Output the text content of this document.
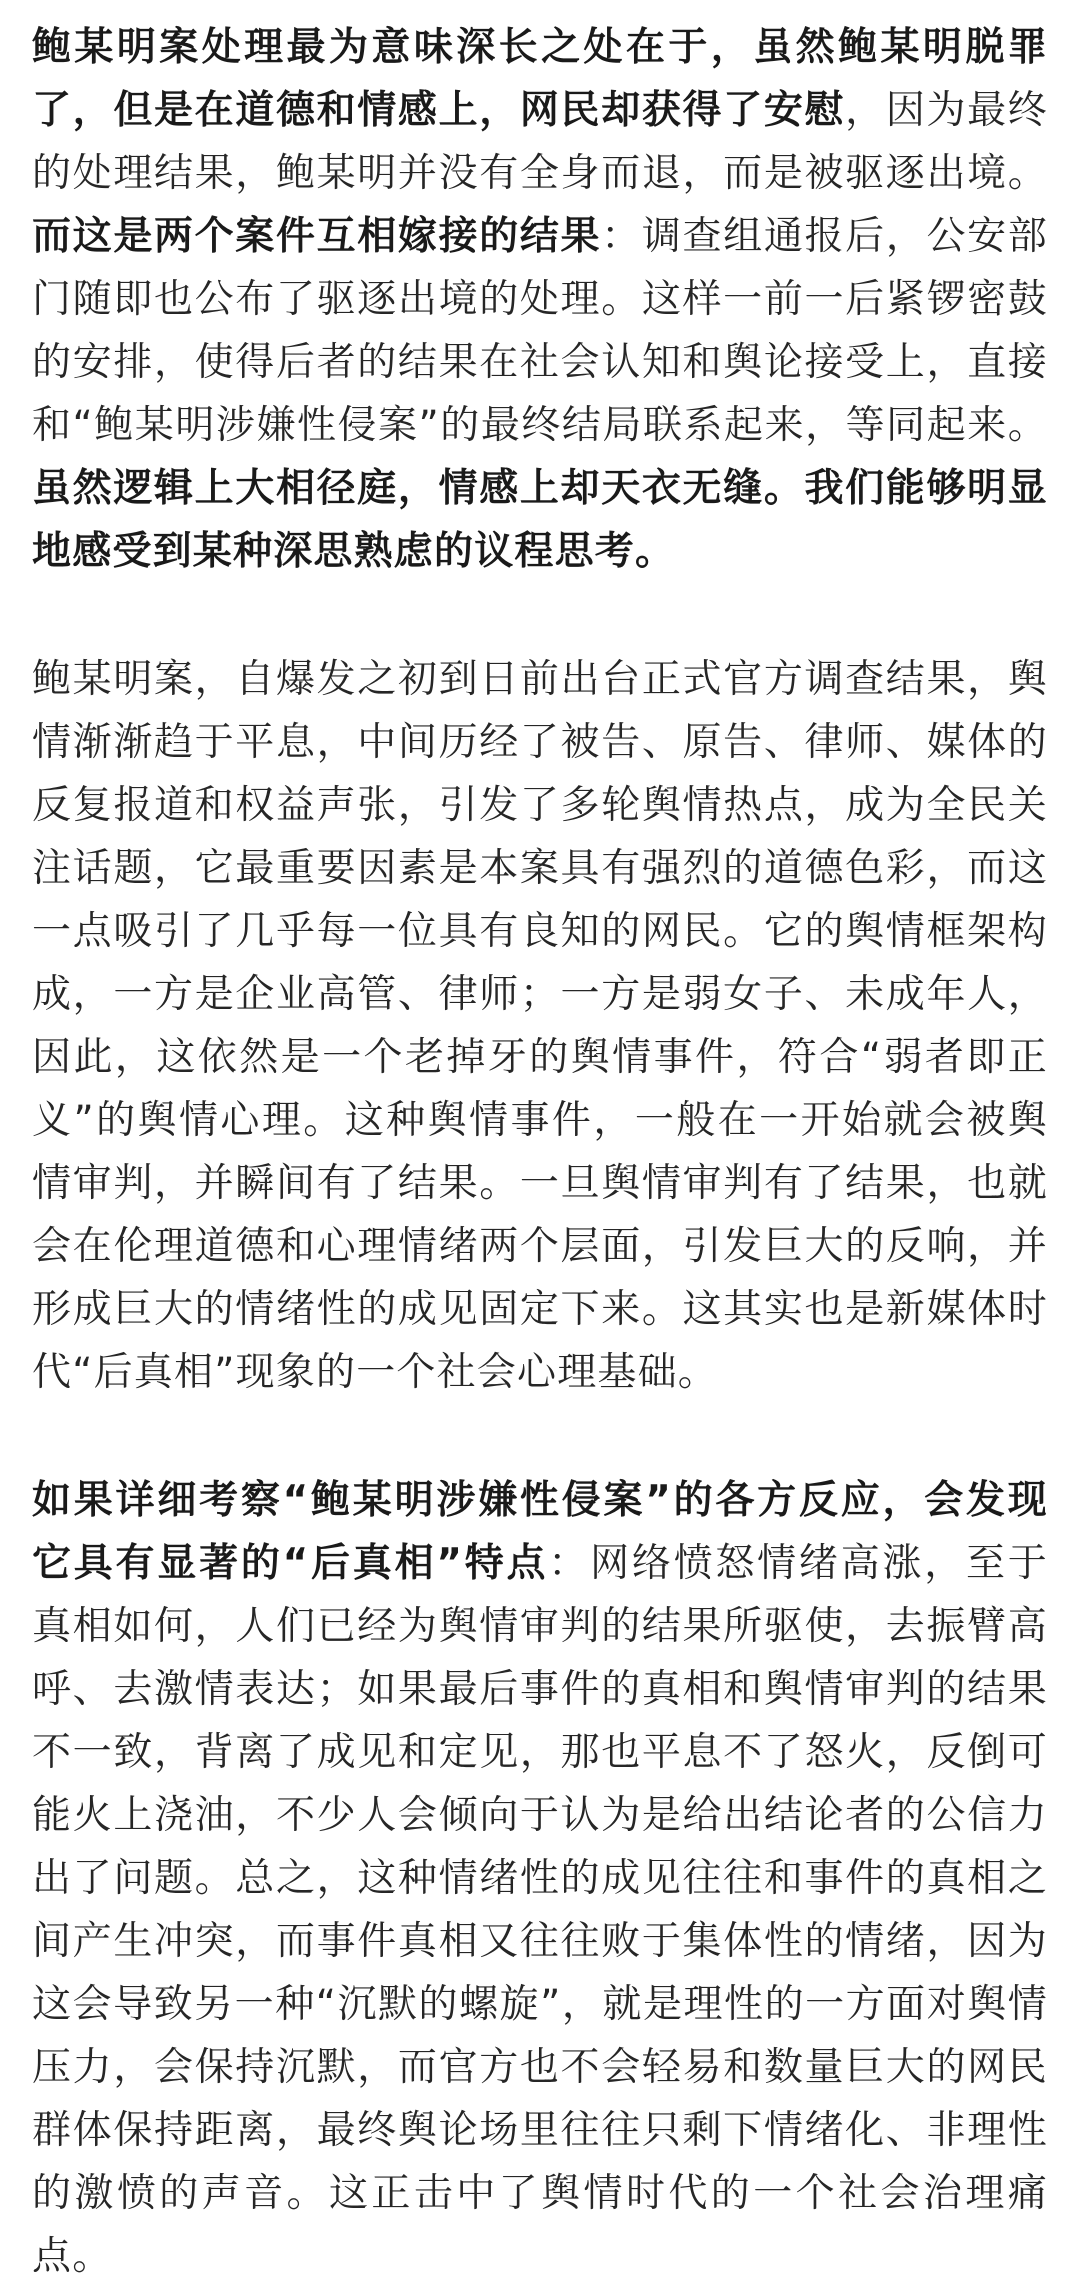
鲍某明案处理最为意味深长之处在于，虽然鲍某明脱罪了，但是在道德和情感上，网民却获得了安慰，因为最终的处理结果，鲍某明并没有全身而退，而是被驱逐出境。而这是两个案件互相嫁接的结果：调查组通报后，公安部门随即也公布了驱逐出境的处理。这样一前一后紧锣密鼓的安排，使得后者的结果在社会认知和舆论接受上，直接和“鲍某明涉嫌性侵案”的最终结局联系起来，等同起来。虽然逻辑上大相径庭，情感上却天衣无缝。我们能够明显地感受到某种深思熟虑的议程思考。

鲍某明案，自爆发之初到日前出台正式官方调查结果，舆情渐渐趋于平息，中间历经了被告、原告、律师、媒体的反复报道和权益声张，引发了多轮舆情热点，成为全民关注话题，它最重要因素是本案具有强烈的道德色彩，而这一点吸引了几乎每一位具有良知的网民。它的舆情框架构成，一方是企业高管、律师；一方是弱女子、未成年人，因此，这依然是一个老掉牙的舆情事件，符合“弱者即正义”的舆情心理。这种舆情事件，一般在一开始就会被舆情审判，并瞬间有了结果。一旦舆情审判有了结果，也就会在伦理道德和心理情绪两个层面，引发巨大的反响，并形成巨大的情绪性的成见固定下来。这其实也是新媒体时代“后真相”现象的一个社会心理基础。

如果详细考察“鲍某明涉嫌性侵案”的各方反应，会发现它具有显著的“后真相”特点：网络愤怒情绪高涨，至于真相如何，人们已经为舆情审判的结果所驱使，去振臂高呼、去激情表达；如果最后事件的真相和舆情审判的结果不一致，背离了成见和定见，那也平息不了怒火，反倒可能火上浇油，不少人会倾向于认为是给出结论者的公信力出了问题。总之，这种情绪性的成见往往和事件的真相之间产生冲突，而事件真相又往往败于集体性的情绪，因为这会导致另一种“沉默的螺旋”，就是理性的一方面对舆情压力，会保持沉默，而官方也不会轻易和数量巨大的网民群体保持距离，最终舆论场里往往只剩下情绪化、非理性的激愤的声音。这正击中了舆情时代的一个社会治理痛点。
